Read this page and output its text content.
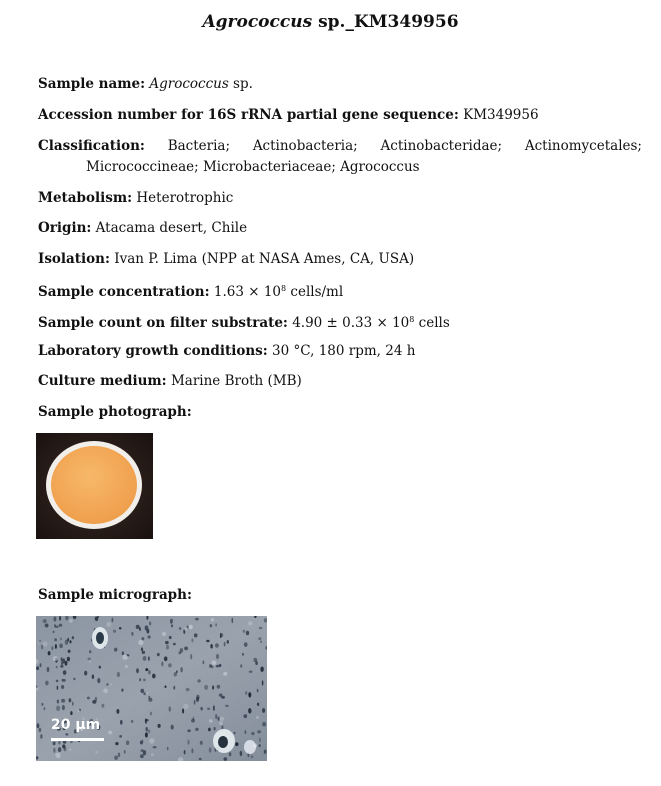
Agrococcus sp._KM349956
Sample name: Agrococcus sp.
Accession number for 16S rRNA partial gene sequence: KM349956
Classification: Bacteria; Actinobacteria; Actinobacteridae; Actinomycetales;
Micrococcineae; Microbacteriaceae; Agrococcus
Metabolism: Heterotrophic
Origin: Atacama desert, Chile
Isolation: Ivan P. Lima (NPP at NASA Ames, CA, USA)
Sample concentration: $1.63 \times 10^8$ cells/ml
Sample count on filter substrate: $4.90 \pm 0.33 \times 10^8$ cells
Laboratory growth conditions: 30 °C, 180 rpm, 24 h
Culture medium: Marine Broth (MB)
Sample photograph:
Sample micrograph:
20 μm
